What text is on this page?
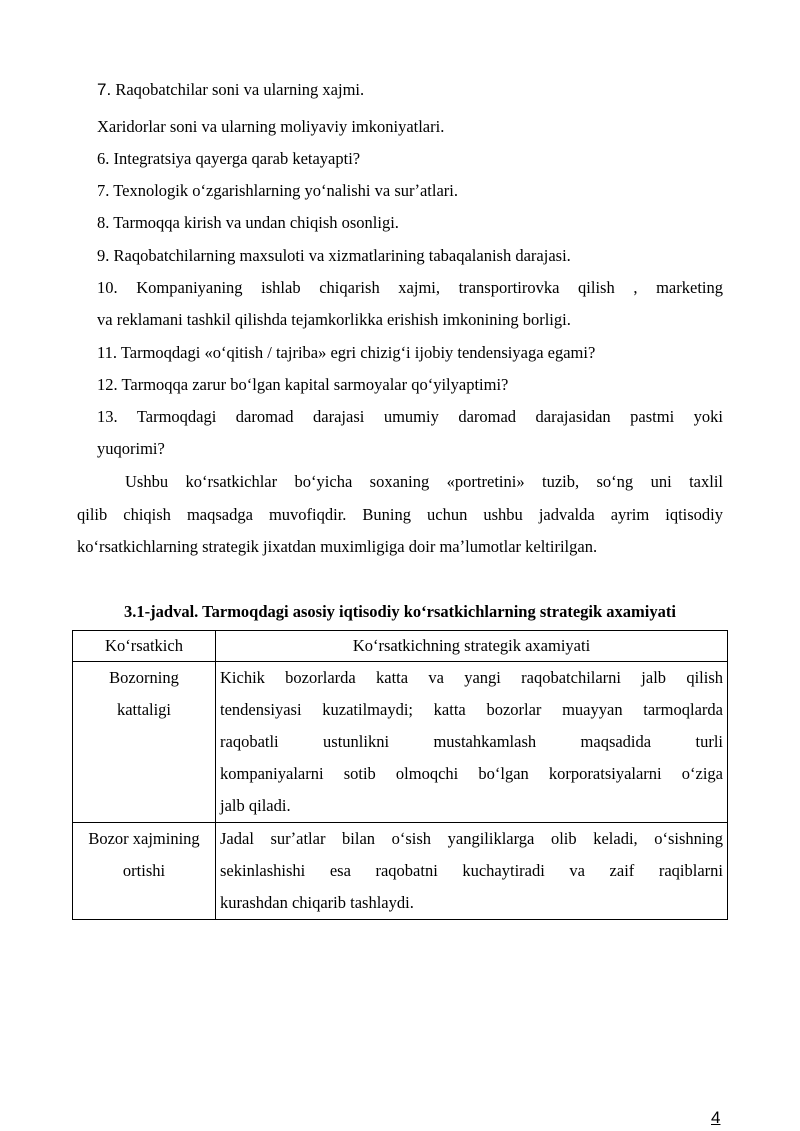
7. Raqobatchilar soni va ularning xajmi.
Xaridorlar soni va ularning moliyaviy imkoniyatlari.
6. Integratsiya qayerga qarab ketayapti?
7. Texnologik oʻzgarishlarning yoʻnalishi va surʼatlari.
8. Tarmoqqa kirish va undan chiqish osonligi.
9. Raqobatchilarning maxsuloti va xizmatlarining tabaqalanish darajasi.
10. Kompaniyaning ishlab chiqarish xajmi, transportirovka qilish , marketing
va reklamani tashkil qilishda tejamkorlikka erishish imkonining borligi.
11. Tarmoqdagi «oʻqitish / tajriba» egri chizigʻi ijobiy tendensiyaga egami?
12. Tarmoqqa zarur boʻlgan kapital sarmoyalar qoʻyilyaptimi?
13. Tarmoqdagi daromad darajasi umumiy daromad darajasidan pastmi yoki
yuqorimi?
Ushbu koʻrsatkichlar boʻyicha soxaning «portretini» tuzib, soʻng uni taxlil
qilib chiqish maqsadga muvofiqdir. Buning uchun ushbu jadvalda ayrim iqtisodiy
koʻrsatkichlarning strategik jixatdan muximligiga doir maʼlumotlar keltirilgan.
3.1-jadval. Tarmoqdagi asosiy iqtisodiy koʻrsatkichlarning strategik axamiyati
Koʻrsatkich	Koʻrsatkichning strategik axamiyati

Bozorning
kattaligi	Kichik bozorlarda katta va yangi raqobatchilarni jalb qilish
tendensiyasi kuzatilmaydi; katta bozorlar muayyan tarmoqlarda
raqobatli ustunlikni mustahkamlash maqsadida turli
kompaniyalarni sotib olmoqchi boʻlgan korporatsiyalarni oʻziga
jalb qiladi.

Bozor xajmining
ortishi	Jadal surʼatlar bilan oʻsish yangiliklarga olib keladi, oʻsishning
sekinlashishi esa raqobatni kuchaytiradi va zaif raqiblarni
kurashdan chiqarib tashlaydi.
4
